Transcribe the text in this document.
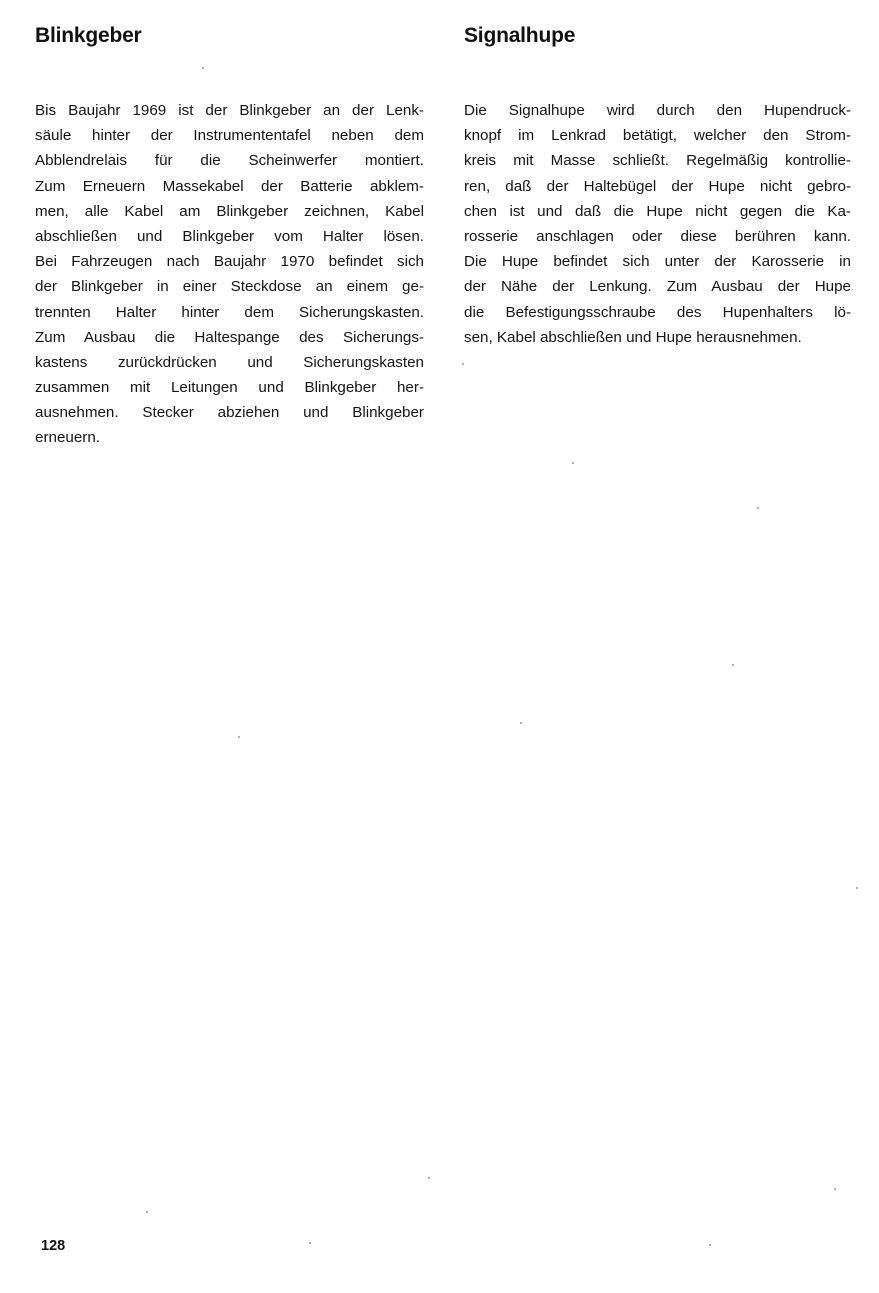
Blinkgeber
Bis Baujahr 1969 ist der Blinkgeber an der Lenk-
säule hinter der Instrumententafel neben dem
Abblendrelais für die Scheinwerfer montiert.
Zum Erneuern Massekabel der Batterie abklem-
men, alle Kabel am Blinkgeber zeichnen, Kabel
abschließen und Blinkgeber vom Halter lösen.
Bei Fahrzeugen nach Baujahr 1970 befindet sich
der Blinkgeber in einer Steckdose an einem ge-
trennten Halter hinter dem Sicherungskasten.
Zum Ausbau die Haltespange des Sicherungs-
kastens zurückdrücken und Sicherungskasten
zusammen mit Leitungen und Blinkgeber her-
ausnehmen. Stecker abziehen und Blinkgeber
erneuern.
Signalhupe
Die Signalhupe wird durch den Hupendruck-
knopf im Lenkrad betätigt, welcher den Strom-
kreis mit Masse schließt. Regelmäßig kontrollie-
ren, daß der Haltebügel der Hupe nicht gebro-
chen ist und daß die Hupe nicht gegen die Ka-
rosserie anschlagen oder diese berühren kann.
Die Hupe befindet sich unter der Karosserie in
der Nähe der Lenkung. Zum Ausbau der Hupe
die Befestigungsschraube des Hupenhalters lö-
sen, Kabel abschließen und Hupe herausnehmen.
128
